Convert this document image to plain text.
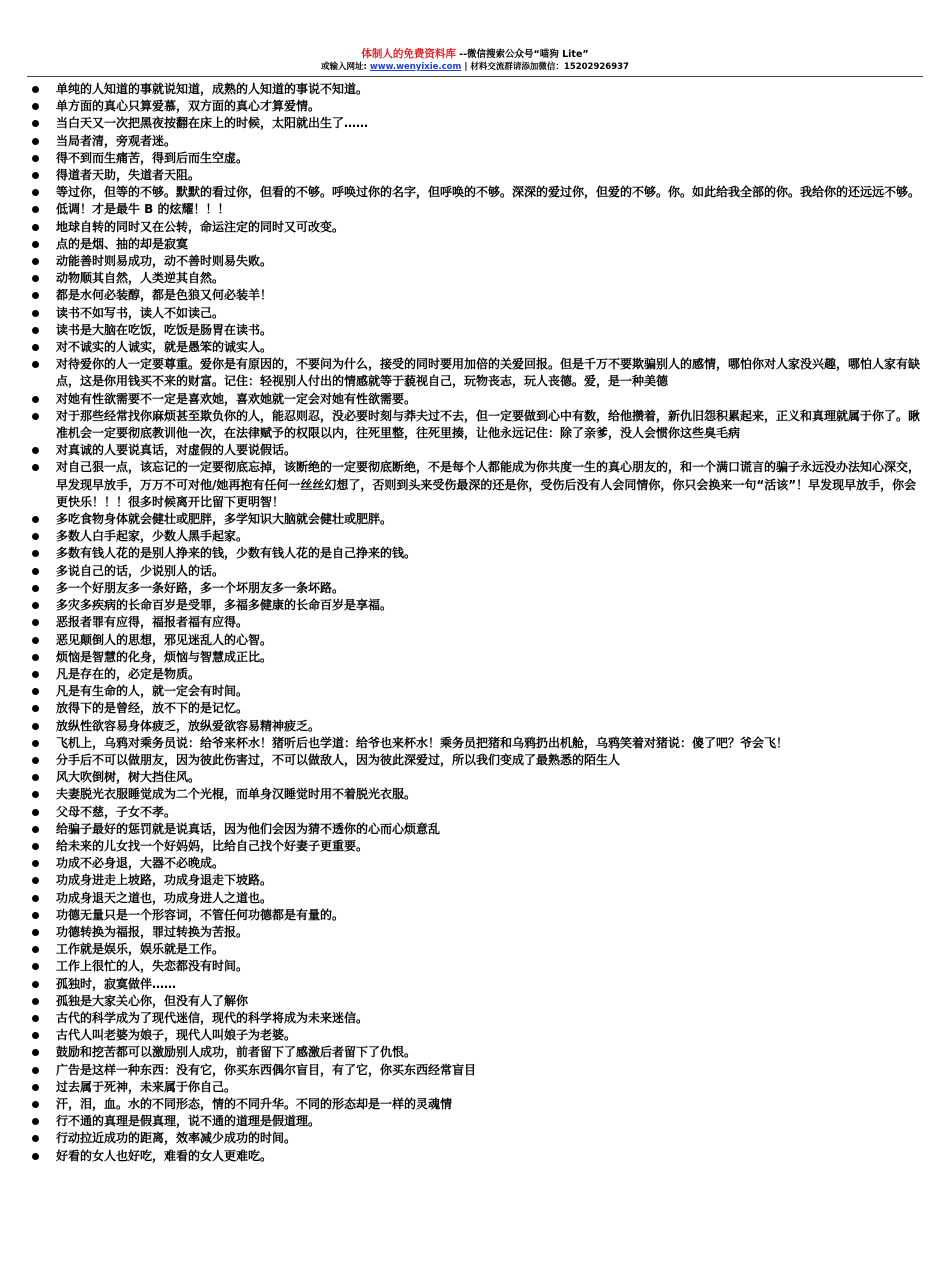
体制人的免费资料库 --微信搜索公众号“喵狗 Lite”
或输入网址: www.wenyixie.com | 材料交流群请添加微信：15202926937
单纯的人知道的事就说知道，成熟的人知道的事说不知道。
单方面的真心只算爱慕，双方面的真心才算爱情。
当白天又一次把黑夜按翻在床上的时候，太阳就出生了……
当局者清，旁观者迷。
得不到而生痛苦，得到后而生空虚。
得道者天助，失道者天阻。
等过你，但等的不够。默默的看过你，但看的不够。呼唤过你的名字，但呼唤的不够。深深的爱过你，但爱的不够。你。如此给我全部的你。我给你的还远远不够。
低调！才是最牛 B 的炫耀！！！
地球自转的同时又在公转，命运注定的同时又可改变。
点的是烟、抽的却是寂寞
动能善时则易成功，动不善时则易失败。
动物顺其自然，人类逆其自然。
都是水何必装醇，都是色狼又何必装羊！
读书不如写书，读人不如读己。
读书是大脑在吃饭，吃饭是肠胃在读书。
对不诚实的人诚实，就是愚笨的诚实人。
对待爱你的人一定要尊重。爱你是有原因的，不要问为什么，接受的同时要用加倍的关爱回报。但是千万不要欺骗别人的感情，哪怕你对人家没兴趣，哪怕人家有缺点，这是你用钱买不来的财富。记住：轻视别人付出的情感就等于藐视自己，玩物丧志，玩人丧德。爱，是一种美德
对她有性欲需要不一定是喜欢她，喜欢她就一定会对她有性欲需要。
对于那些经常找你麻烦甚至欺负你的人，能忍则忍，没必要时刻与莽夫过不去，但一定要做到心中有数，给他攒着，新仇旧怨积累起来，正义和真理就属于你了。瞅准机会一定要彻底教训他一次，在法律赋予的权限以内，往死里整，往死里揍，让他永远记住：除了亲爹，没人会惯你这些臭毛病
对真诚的人要说真话，对虚假的人要说假话。
对自己狠一点，该忘记的一定要彻底忘掉，该断绝的一定要彻底断绝，不是每个人都能成为你共度一生的真心朋友的，和一个满口谎言的骗子永远没办法知心深交，早发现早放手，万万不可对他/她再抱有任何一丝丝幻想了，否则到头来受伤最深的还是你，受伤后没有人会同情你，你只会换来一句“活该”！早发现早放手，你会更快乐！！！很多时候离开比留下更明智！
多吃食物身体就会健壮或肥胖，多学知识大脑就会健壮或肥胖。
多数人白手起家，少数人黑手起家。
多数有钱人花的是别人挣来的钱，少数有钱人花的是自己挣来的钱。
多说自己的话，少说别人的话。
多一个好朋友多一条好路，多一个坏朋友多一条坏路。
多灾多疾病的长命百岁是受罪，多福多健康的长命百岁是享福。
恶报者罪有应得，福报者福有应得。
恶见颠倒人的思想，邪见迷乱人的心智。
烦恼是智慧的化身，烦恼与智慧成正比。
凡是存在的，必定是物质。
凡是有生命的人，就一定会有时间。
放得下的是曾经，放不下的是记忆。
放纵性欲容易身体疲乏，放纵爱欲容易精神疲乏。
飞机上，乌鸦对乘务员说：给爷来杯水！猪听后也学道：给爷也来杯水！乘务员把猪和乌鸦扔出机舱，乌鸦笑着对猪说：傻了吧？爷会飞！
分手后不可以做朋友，因为彼此伤害过，不可以做敌人，因为彼此深爱过，所以我们变成了最熟悉的陌生人
风大吹倒树，树大挡住风。
夫妻脱光衣服睡觉成为二个光棍，而单身汉睡觉时用不着脱光衣服。
父母不慈，子女不孝。
给骗子最好的惩罚就是说真话，因为他们会因为猜不透你的心而心烦意乱
给未来的儿女找一个好妈妈，比给自己找个好妻子更重要。
功成不必身退，大器不必晚成。
功成身进走上坡路，功成身退走下坡路。
功成身退天之道也，功成身进人之道也。
功德无量只是一个形容词，不管任何功德都是有量的。
功德转换为福报，罪过转换为苦报。
工作就是娱乐，娱乐就是工作。
工作上很忙的人，失恋都没有时间。
孤独时，寂寞做伴……
孤独是大家关心你，但没有人了解你
古代的科学成为了现代迷信，现代的科学将成为未来迷信。
古代人叫老婆为娘子，现代人叫娘子为老婆。
鼓励和挖苦都可以激励别人成功，前者留下了感激后者留下了仇恨。
广告是这样一种东西：没有它，你买东西偶尔盲目，有了它，你买东西经常盲目
过去属于死神，未来属于你自己。
汗，泪，血。水的不同形态，情的不同升华。不同的形态却是一样的灵魂情
行不通的真理是假真理，说不通的道理是假道理。
行动拉近成功的距离，效率减少成功的时间。
好看的女人也好吃，难看的女人更难吃。
